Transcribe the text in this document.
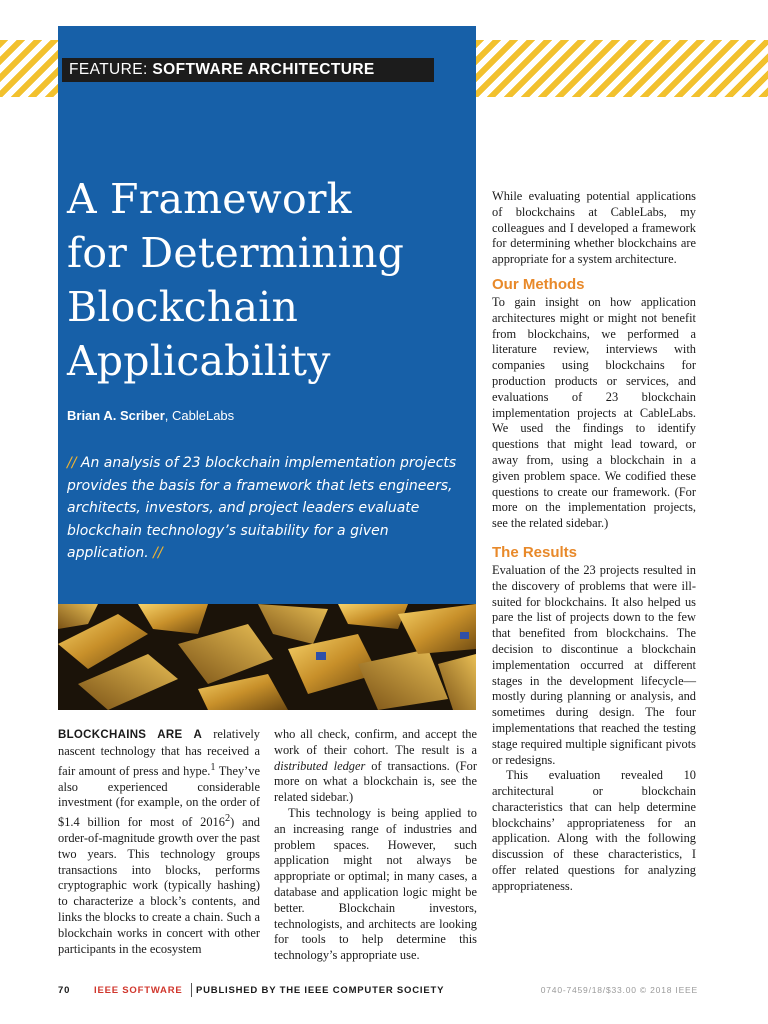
FEATURE: SOFTWARE ARCHITECTURE
A Framework
for Determining
Blockchain
Applicability
Brian A. Scriber, CableLabs
// An analysis of 23 blockchain implementation projects provides the basis for a framework that lets engineers, architects, investors, and project leaders evaluate blockchain technology’s suitability for a given application. //

BLOCKCHAINS ARE A relatively nascent technology that has received a fair amount of press and hype.$^1$ They’ve also experienced considerable investment (for example, on the order of $1.4 billion for most of 2016$^2$) and order-of-magnitude growth over the past two years. This technology groups transactions into blocks, performs cryptographic work (typically hashing) to characterize a block’s contents, and links the blocks to create a chain. Such a blockchain works in concert with other participants in the ecosystem

who all check, confirm, and accept the work of their cohort. The result is a distributed ledger of transactions. (For more on what a blockchain is, see the related sidebar.)

This technology is being applied to an increasing range of industries and problem spaces. However, such application might not always be appropriate or optimal; in many cases, a database and application logic might be better. Blockchain investors, technologists, and architects are looking for tools to help determine this technology’s appropriate use.

While evaluating potential applications of blockchains at CableLabs, my colleagues and I developed a framework for determining whether blockchains are appropriate for a system architecture.

Our Methods

To gain insight on how application architectures might or might not benefit from blockchains, we performed a literature review, interviews with companies using blockchains for production products or services, and evaluations of 23 blockchain implementation projects at CableLabs. We used the findings to identify questions that might lead toward, or away from, using a blockchain in a given problem space. We codified these questions to create our framework. (For more on the implementation projects, see the related sidebar.)

The Results

Evaluation of the 23 projects resulted in the discovery of problems that were ill-suited for blockchains. It also helped us pare the list of projects down to the few that benefited from blockchains. The decision to discontinue a blockchain implementation occurred at different stages in the development lifecycle—mostly during planning or analysis, and sometimes during design. The four implementations that reached the testing stage required multiple significant pivots or redesigns.

This evaluation revealed 10 architectural or blockchain characteristics that can help determine blockchains’ appropriateness for an application. Along with the following discussion of these characteristics, I offer related questions for analyzing appropriateness.

70	IEEE SOFTWARE PUBLISHED BY THE IEEE COMPUTER SOCIETY	0740-7459/18/$33.00 © 2018 IEEE
